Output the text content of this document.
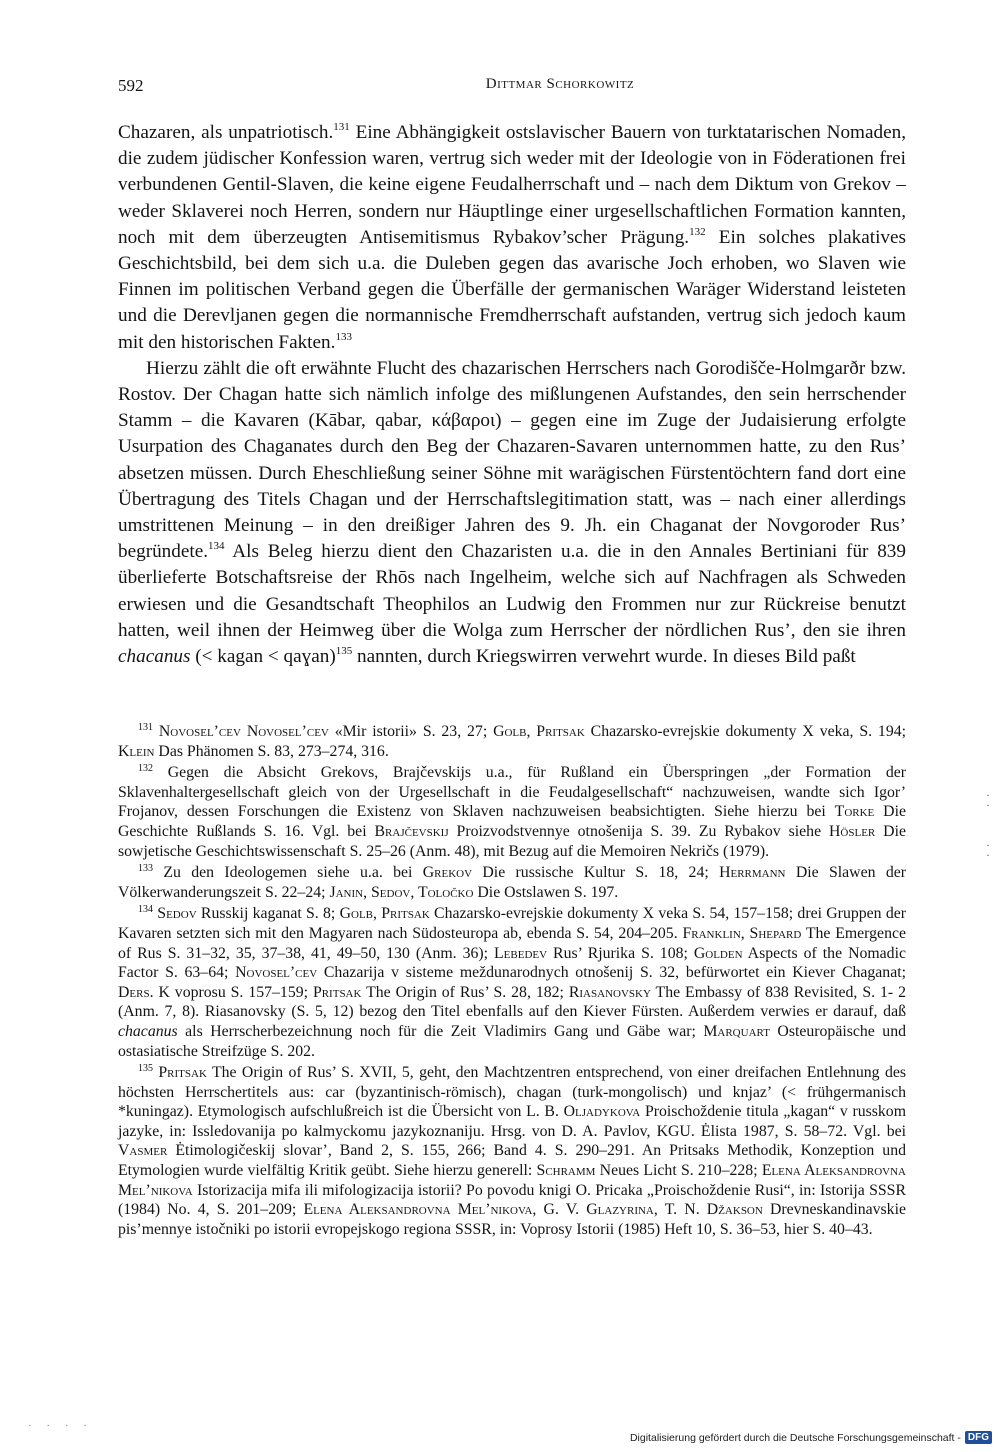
592	Dittmar Schorkowitz

Chazaren, als unpatriotisch.$^{131}$ Eine Abhängigkeit ostslavischer Bauern von turktatarischen Nomaden, die zudem jüdischer Konfession waren, vertrug sich weder mit der Ideologie von in Föderationen frei verbundenen Gentil-Slaven, die keine eigene Feudalherrschaft und – nach dem Diktum von Grekov – weder Sklaverei noch Herren, sondern nur Häuptlinge einer urgesellschaftlichen Formation kannten, noch mit dem überzeugten Antisemitismus Rybakov’scher Prägung.$^{132}$ Ein solches plakatives Geschichtsbild, bei dem sich u.a. die Duleben gegen das avarische Joch erhoben, wo Slaven wie Finnen im politischen Verband gegen die Überfälle der germanischen Waräger Widerstand leisteten und die Derevljanen gegen die normannische Fremdherrschaft aufstanden, vertrug sich jedoch kaum mit den historischen Fakten.$^{133}$

Hierzu zählt die oft erwähnte Flucht des chazarischen Herrschers nach Gorodišče-Holmgarðr bzw. Rostov. Der Chagan hatte sich nämlich infolge des mißlungenen Aufstandes, den sein herrschender Stamm – die Kavaren (Kābar, qabar, κάβαροι) – gegen eine im Zuge der Judaisierung erfolgte Usurpation des Chaganates durch den Beg der Chazaren-Savaren unternommen hatte, zu den Rus’ absetzen müssen. Durch Eheschließung seiner Söhne mit warägischen Fürstentöchtern fand dort eine Übertragung des Titels Chagan und der Herrschaftslegitimation statt, was – nach einer allerdings umstrittenen Meinung – in den dreißiger Jahren des 9. Jh. ein Chaganat der Novgoroder Rus’ begründete.$^{134}$ Als Beleg hierzu dient den Chazaristen u.a. die in den Annales Bertiniani für 839 überlieferte Botschaftsreise der Rhōs nach Ingelheim, welche sich auf Nachfragen als Schweden erwiesen und die Gesandtschaft Theophilos an Ludwig den Frommen nur zur Rückreise benutzt hatten, weil ihnen der Heimweg über die Wolga zum Herrscher der nördlichen Rus’, den sie ihren chacanus (< kagan < qaɣan)$^{135}$ nannten, durch Kriegswirren verwehrt wurde. In dieses Bild paßt

$^{131}$ Novosel’cev Novosel’cev «Mir istorii» S. 23, 27; Golb, Pritsak Chazarsko-evrejskie dokumenty X veka, S. 194; Klein Das Phänomen S. 83, 273–274, 316.

$^{132}$ Gegen die Absicht Grekovs, Brajčevskijs u.a., für Rußland ein Überspringen „der Formation der Sklavenhaltergesellschaft gleich von der Urgesellschaft in die Feudalgesellschaft“ nachzuweisen, wandte sich Igor’ Frojanov, dessen Forschungen die Existenz von Sklaven nachzuweisen beabsichtigten. Siehe hierzu bei Torke Die Geschichte Rußlands S. 16. Vgl. bei Brajčevskij Proizvodstvennye otnošenija S. 39. Zu Rybakov siehe Hösler Die sowjetische Geschichtswissenschaft S. 25–26 (Anm. 48), mit Bezug auf die Memoiren Nekričs (1979).

$^{133}$ Zu den Ideologemen siehe u.a. bei Grekov Die russische Kultur S. 18, 24; Herrmann Die Slawen der Völkerwanderungszeit S. 22–24; Janin, Sedov, Toločko Die Ostslawen S. 197.

$^{134}$ Sedov Russkij kaganat S. 8; Golb, Pritsak Chazarsko-evrejskie dokumenty X veka S. 54, 157–158; drei Gruppen der Kavaren setzten sich mit den Magyaren nach Südosteuropa ab, ebenda S. 54, 204–205. Franklin, Shepard The Emergence of Rus S. 31–32, 35, 37–38, 41, 49–50, 130 (Anm. 36); Lebedev Rus’ Rjurika S. 108; Golden Aspects of the Nomadic Factor S. 63–64; Novosel’cev Chazarija v sisteme meždunarodnych otnošenij S. 32, befürwortet ein Kiever Chaganat; Ders. K voprosu S. 157–159; Pritsak The Origin of Rus’ S. 28, 182; Riasanovsky The Embassy of 838 Revisited, S. 1- 2 (Anm. 7, 8). Riasanovsky (S. 5, 12) bezog den Titel ebenfalls auf den Kiever Fürsten. Außerdem verwies er darauf, daß chacanus als Herrscherbezeichnung noch für die Zeit Vladimirs Gang und Gäbe war; Marquart Osteuropäische und ostasiatische Streifzüge S. 202.

$^{135}$ Pritsak The Origin of Rus’ S. XVII, 5, geht, den Machtzentren entsprechend, von einer dreifachen Entlehnung des höchsten Herrschertitels aus: car (byzantinisch-römisch), chagan (turk-mongolisch) und knjaz’ (< frühgermanisch *kuningaz). Etymologisch aufschlußreich ist die Übersicht von L. B. Oljadykova Proischoždenie titula „kagan“ v russkom jazyke, in: Issledovanija po kalmyckomu jazykoznaniju. Hrsg. von D. A. Pavlov, KGU. Ėlista 1987, S. 58–72. Vgl. bei Vasmer Ėtimologičeskij slovar’, Band 2, S. 155, 266; Band 4. S. 290–291. An Pritsaks Methodik, Konzeption und Etymologien wurde vielfältig Kritik geübt. Siehe hierzu generell: Schramm Neues Licht S. 210–228; Elena Aleksandrovna Mel’nikova Istorizacija mifa ili mifologizacija istorii? Po povodu knigi O. Pricaka „Proischoždenie Rusi“, in: Istorija SSSR (1984) No. 4, S. 201–209; Elena Aleksandrovna Mel’nikova, G. V. Glazyrina, T. N. Džakson Drevneskandinavskie pis’mennye istočniki po istorii evropejskogo regiona SSSR, in: Voprosy Istorii (1985) Heft 10, S. 36–53, hier S. 40–43.

·
·

·
·
· · · ·
Digitalisierung gefördert durch die Deutsche Forschungsgemeinschaft - DFG
